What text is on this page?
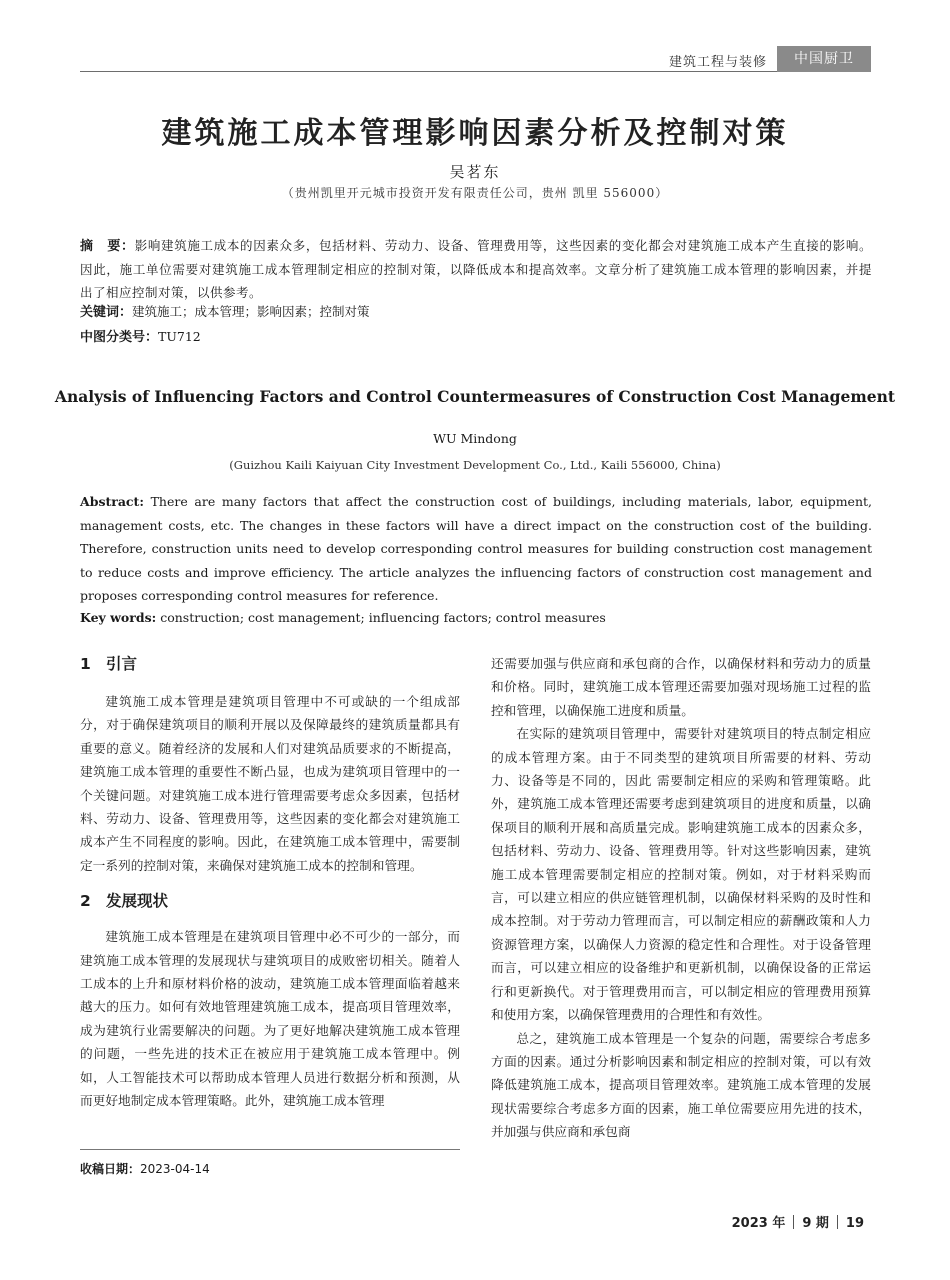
建筑工程与装修	中国厨卫
建筑施工成本管理影响因素分析及控制对策
吴茗东
（贵州凯里开元城市投资开发有限责任公司，贵州 凯里 556000）
摘　要：影响建筑施工成本的因素众多，包括材料、劳动力、设备、管理费用等，这些因素的变化都会对建筑施工成本产生直接的影响。因此，施工单位需要对建筑施工成本管理制定相应的控制对策，以降低成本和提高效率。文章分析了建筑施工成本管理的影响因素，并提出了相应控制对策，以供参考。
关键词：建筑施工；成本管理；影响因素；控制对策
中图分类号：TU712
Analysis of Influencing Factors and Control Countermeasures of Construction Cost Management
WU Mindong
(Guizhou Kaili Kaiyuan City Investment Development Co., Ltd., Kaili 556000, China)
Abstract: There are many factors that affect the construction cost of buildings, including materials, labor, equipment, management costs, etc. The changes in these factors will have a direct impact on the construction cost of the building. Therefore, construction units need to develop corresponding control measures for building construction cost management to reduce costs and improve efficiency. The article analyzes the influencing factors of construction cost management and proposes corresponding control measures for reference.
Key words: construction; cost management; influencing factors; control measures
1 引言

建筑施工成本管理是建筑项目管理中不可或缺的一个组成部分，对于确保建筑项目的顺利开展以及保障最终的建筑质量都具有重要的意义。随着经济的发展和人们对建筑品质要求的不断提高，建筑施工成本管理的重要性不断凸显，也成为建筑项目管理中的一个关键问题。对建筑施工成本进行管理需要考虑众多因素，包括材料、劳动力、设备、管理费用等，这些因素的变化都会对建筑施工成本产生不同程度的影响。因此，在建筑施工成本管理中，需要制定一系列的控制对策，来确保对建筑施工成本的控制和管理。

2 发展现状

建筑施工成本管理是在建筑项目管理中必不可少的一部分，而建筑施工成本管理的发展现状与建筑项目的成败密切相关。随着人工成本的上升和原材料价格的波动，建筑施工成本管理面临着越来越大的压力。如何有效地管理建筑施工成本，提高项目管理效率，成为建筑行业需要解决的问题。为了更好地解决建筑施工成本管理的问题，一些先进的技术正在被应用于建筑施工成本管理中。例如，人工智能技术可以帮助成本管理人员进行数据分析和预测，从而更好地制定成本管理策略。此外，建筑施工成本管理

还需要加强与供应商和承包商的合作，以确保材料和劳动力的质量和价格。同时，建筑施工成本管理还需要加强对现场施工过程的监控和管理，以确保施工进度和质量。

在实际的建筑项目管理中，需要针对建筑项目的特点制定相应的成本管理方案。由于不同类型的建筑项目所需要的材料、劳动力、设备等是不同的，因此 需要制定相应的采购和管理策略。此外，建筑施工成本管理还需要考虑到建筑项目的进度和质量，以确保项目的顺利开展和高质量完成。影响建筑施工成本的因素众多，包括材料、劳动力、设备、管理费用等。针对这些影响因素，建筑施工成本管理需要制定相应的控制对策。例如，对于材料采购而言，可以建立相应的供应链管理机制，以确保材料采购的及时性和成本控制。对于劳动力管理而言，可以制定相应的薪酬政策和人力资源管理方案，以确保人力资源的稳定性和合理性。对于设备管理而言，可以建立相应的设备维护和更新机制，以确保设备的正常运行和更新换代。对于管理费用而言，可以制定相应的管理费用预算和使用方案，以确保管理费用的合理性和有效性。

总之，建筑施工成本管理是一个复杂的问题，需要综合考虑多方面的因素。通过分析影响因素和制定相应的控制对策，可以有效降低建筑施工成本，提高项目管理效率。建筑施工成本管理的发展现状需要综合考虑多方面的因素，施工单位需要应用先进的技术，并加强与供应商和承包商

收稿日期：2023-04-14
2023 年 9 期 19
